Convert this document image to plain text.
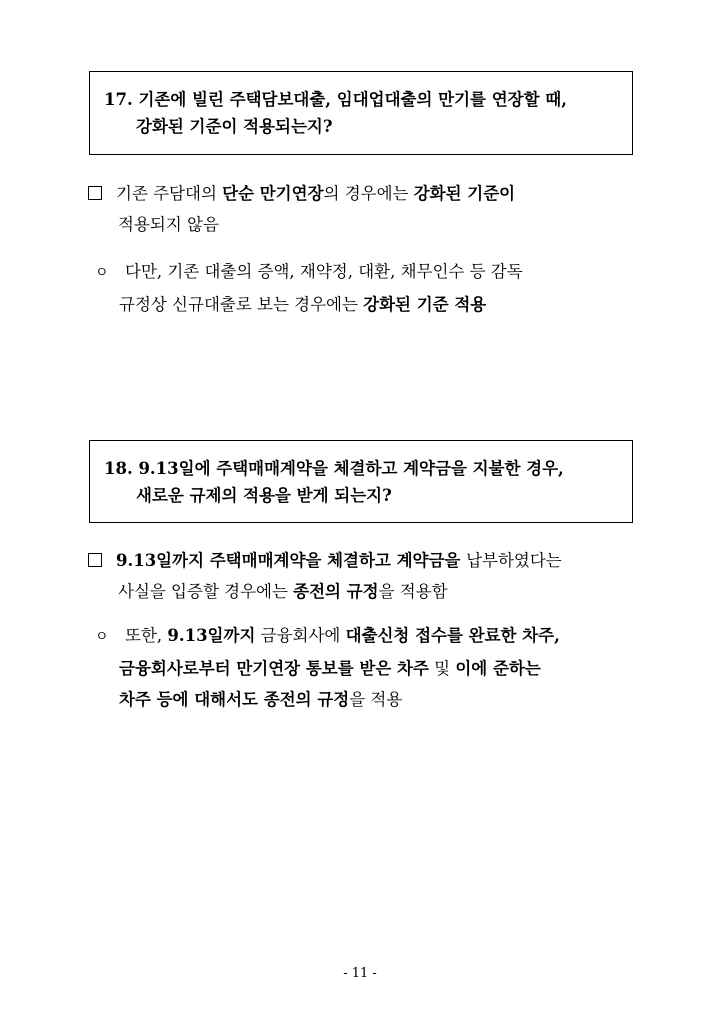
17. 기존에 빌린 주택담보대출, 임대업대출의 만기를 연장할 때,
강화된 기준이 적용되는지?
기존 주담대의 단순 만기연장의 경우에는 강화된 기준이
적용되지 않음
ㅇ 다만, 기존 대출의 증액, 재약정, 대환, 채무인수 등 감독
규정상 신규대출로 보는 경우에는 강화된 기준 적용
18. 9.13일에 주택매매계약을 체결하고 계약금을 지불한 경우,
새로운 규제의 적용을 받게 되는지?
9.13일까지 주택매매계약을 체결하고 계약금을 납부하였다는
사실을 입증할 경우에는 종전의 규정을 적용함
ㅇ 또한, 9.13일까지 금융회사에 대출신청 접수를 완료한 차주,
금융회사로부터 만기연장 통보를 받은 차주 및 이에 준하는
차주 등에 대해서도 종전의 규정을 적용
- 11 -
